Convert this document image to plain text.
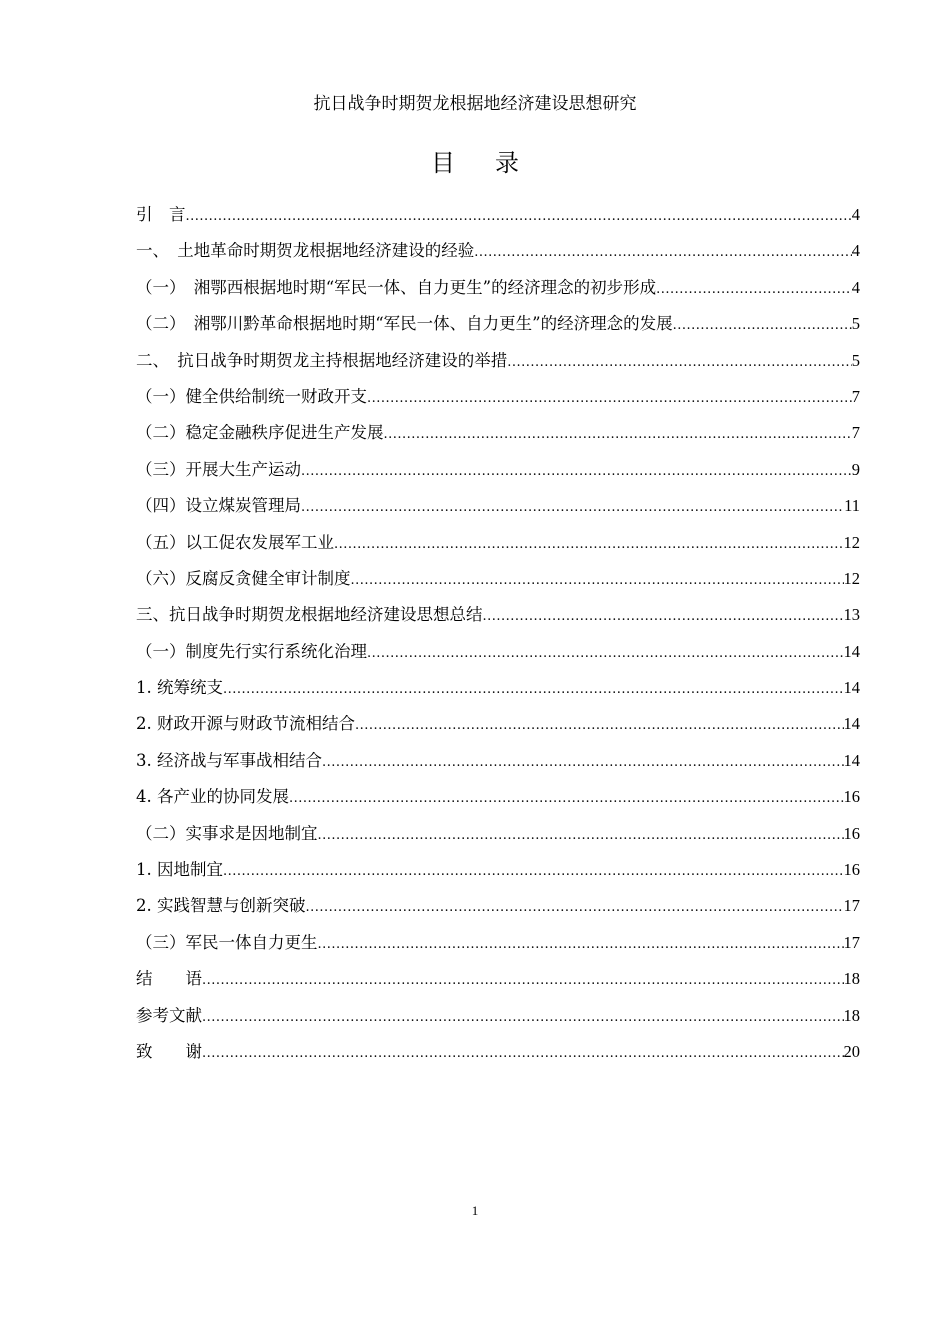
抗日战争时期贺龙根据地经济建设思想研究
目录
引　言 .....	4
一、　土地革命时期贺龙根据地经济建设的经验 .....	4
（一）　湘鄂西根据地时期“军民一体、自力更生”的经济理念的初步形成 .....	4
（二）　湘鄂川黔革命根据地时期“军民一体、自力更生”的经济理念的发展 .....	5
二、　抗日战争时期贺龙主持根据地经济建设的举措 .....	5
（一）健全供给制统一财政开支 .....	7
（二）稳定金融秩序促进生产发展 .....	7
（三）开展大生产运动 .....	9
（四）设立煤炭管理局 .....	11
（五）以工促农发展军工业 .....	12
（六）反腐反贪健全审计制度 .....	12
三、抗日战争时期贺龙根据地经济建设思想总结 .....	13
（一）制度先行实行系统化治理 .....	14
1. 统筹统支 .....	14
2. 财政开源与财政节流相结合 .....	14
3. 经济战与军事战相结合 .....	14
4. 各产业的协同发展 .....	16
（二）实事求是因地制宜 .....	16
1. 因地制宜 .....	16
2. 实践智慧与创新突破 .....	17
（三）军民一体自力更生 .....	17
结　　语 .....	18
参考文献 .....	18
致　　谢 .....	20
1
